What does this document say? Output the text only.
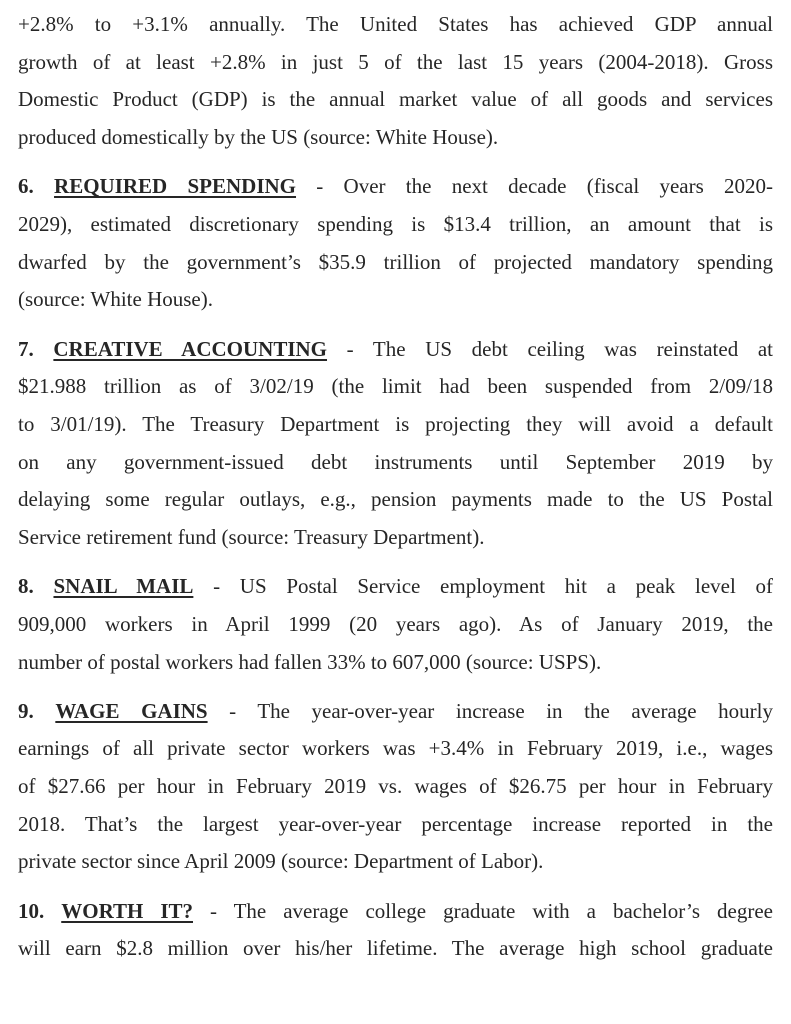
+2.8% to +3.1% annually. The United States has achieved GDP annual
growth of at least +2.8% in just 5 of the last 15 years (2004-2018). Gross
Domestic Product (GDP) is the annual market value of all goods and services
produced domestically by the US (source: White House).
6. REQUIRED SPENDING - Over the next decade (fiscal years 2020-
2029), estimated discretionary spending is $13.4 trillion, an amount that is
dwarfed by the government’s $35.9 trillion of projected mandatory spending
(source: White House).
7. CREATIVE ACCOUNTING - The US debt ceiling was reinstated at
$21.988 trillion as of 3/02/19 (the limit had been suspended from 2/09/18
to 3/01/19). The Treasury Department is projecting they will avoid a default
on any government-issued debt instruments until September 2019 by
delaying some regular outlays, e.g., pension payments made to the US Postal
Service retirement fund (source: Treasury Department).
8. SNAIL MAIL - US Postal Service employment hit a peak level of
909,000 workers in April 1999 (20 years ago). As of January 2019, the
number of postal workers had fallen 33% to 607,000 (source: USPS).
9. WAGE GAINS - The year-over-year increase in the average hourly
earnings of all private sector workers was +3.4% in February 2019, i.e., wages
of $27.66 per hour in February 2019 vs. wages of $26.75 per hour in February
2018. That’s the largest year-over-year percentage increase reported in the
private sector since April 2009 (source: Department of Labor).
10. WORTH IT? - The average college graduate with a bachelor’s degree
will earn $2.8 million over his/her lifetime. The average high school graduate
